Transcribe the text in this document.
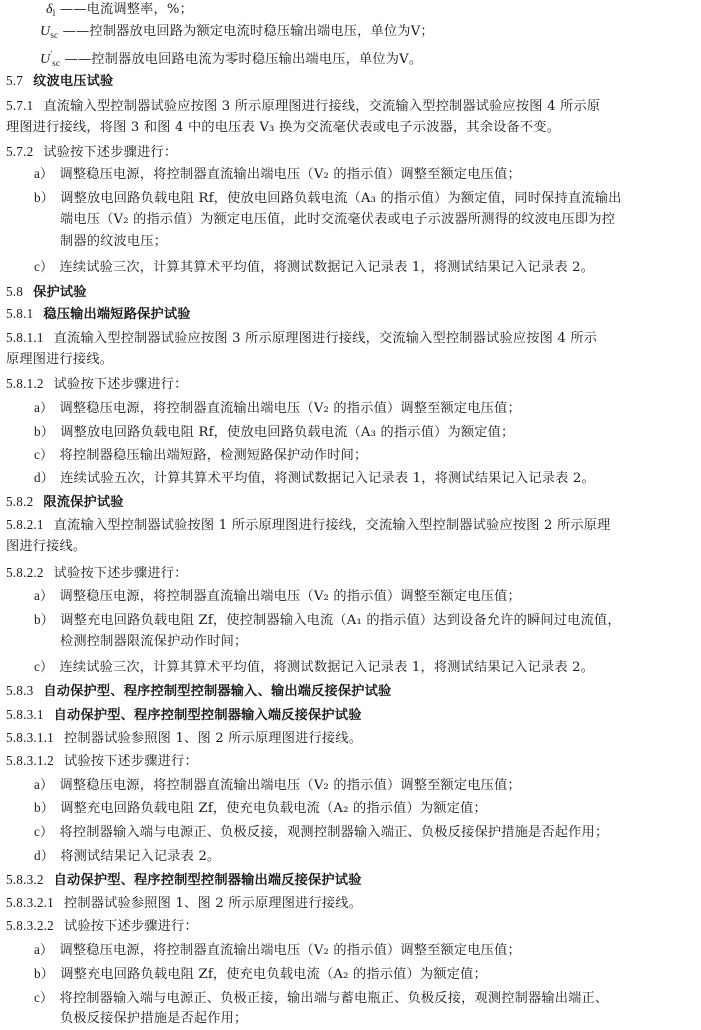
$\delta_l$ ——电流调整率，%；
$U_{sc}$ ——控制器放电回路为额定电流时稳压输出端电压，单位为V；
$U'_{sc}$ ——控制器放电回路电流为零时稳压输出端电压，单位为V。
5.7 纹波电压试验
5.7.1 直流输入型控制器试验应按图 3 所示原理图进行接线，交流输入型控制器试验应按图 4 所示原
理图进行接线，将图 3 和图 4 中的电压表 V₃ 换为交流毫伏表或电子示波器，其余设备不变。
5.7.2 试验按下述步骤进行：
a） 调整稳压电源，将控制器直流输出端电压（V₂ 的指示值）调整至额定电压值；
b） 调整放电回路负载电阻 Rf，使放电回路负载电流（A₃ 的指示值）为额定值，同时保持直流输出
端电压（V₂ 的指示值）为额定电压值，此时交流毫伏表或电子示波器所测得的纹波电压即为控
制器的纹波电压；
c） 连续试验三次，计算其算术平均值，将测试数据记入记录表 1，将测试结果记入记录表 2。
5.8 保护试验
5.8.1 稳压输出端短路保护试验
5.8.1.1 直流输入型控制器试验应按图 3 所示原理图进行接线，交流输入型控制器试验应按图 4 所示
原理图进行接线。
5.8.1.2 试验按下述步骤进行：
a） 调整稳压电源，将控制器直流输出端电压（V₂ 的指示值）调整至额定电压值；
b） 调整放电回路负载电阻 Rf，使放电回路负载电流（A₃ 的指示值）为额定值；
c） 将控制器稳压输出端短路，检测短路保护动作时间；
d） 连续试验五次，计算其算术平均值，将测试数据记入记录表 1，将测试结果记入记录表 2。
5.8.2 限流保护试验
5.8.2.1 直流输入型控制器试验按图 1 所示原理图进行接线，交流输入型控制器试验应按图 2 所示原理
图进行接线。
5.8.2.2 试验按下述步骤进行：
a） 调整稳压电源，将控制器直流输出端电压（V₂ 的指示值）调整至额定电压值；
b） 调整充电回路负载电阻 Zf，使控制器输入电流（A₁ 的指示值）达到设备允许的瞬间过电流值，
检测控制器限流保护动作时间；
c） 连续试验三次，计算其算术平均值，将测试数据记入记录表 1，将测试结果记入记录表 2。
5.8.3 自动保护型、程序控制型控制器输入、输出端反接保护试验
5.8.3.1 自动保护型、程序控制型控制器输入端反接保护试验
5.8.3.1.1 控制器试验参照图 1、图 2 所示原理图进行接线。
5.8.3.1.2 试验按下述步骤进行：
a） 调整稳压电源，将控制器直流输出端电压（V₂ 的指示值）调整至额定电压值；
b） 调整充电回路负载电阻 Zf，使充电负载电流（A₂ 的指示值）为额定值；
c） 将控制器输入端与电源正、负极反接，观测控制器输入端正、负极反接保护措施是否起作用；
d） 将测试结果记入记录表 2。
5.8.3.2 自动保护型、程序控制型控制器输出端反接保护试验
5.8.3.2.1 控制器试验参照图 1、图 2 所示原理图进行接线。
5.8.3.2.2 试验按下述步骤进行：
a） 调整稳压电源，将控制器直流输出端电压（V₂ 的指示值）调整至额定电压值；
b） 调整充电回路负载电阻 Zf，使充电负载电流（A₂ 的指示值）为额定值；
c） 将控制器输入端与电源正、负极正接，输出端与蓄电瓶正、负极反接，观测控制器输出端正、
负极反接保护措施是否起作用；
